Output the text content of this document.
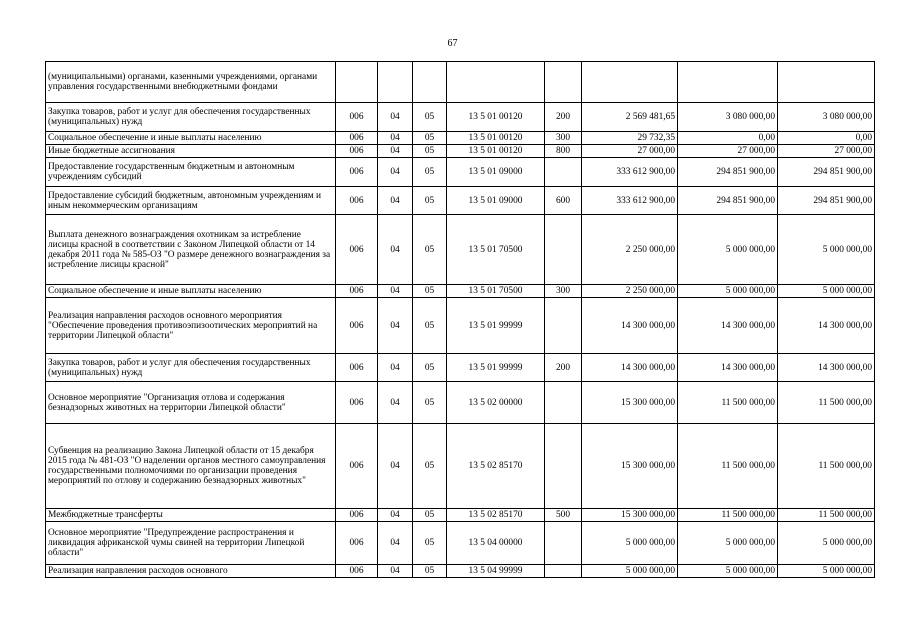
67
(муниципальными) органами, казенными учреждениями, органами управления государственными внебюджетными фондами								
Закупка товаров, работ и услуг для обеспечения государственных (муниципальных) нужд	006	04	05	13 5 01 00120	200	2 569 481,65	3 080 000,00	3 080 000,00
Социальное обеспечение и иные выплаты населению	006	04	05	13 5 01 00120	300	29 732,35	0,00	0,00
Иные бюджетные ассигнования	006	04	05	13 5 01 00120	800	27 000,00	27 000,00	27 000,00
Предоставление государственным бюджетным и автономным учреждениям субсидий	006	04	05	13 5 01 09000		333 612 900,00	294 851 900,00	294 851 900,00
Предоставление субсидий бюджетным, автономным учреждениям и иным некоммерческим организациям	006	04	05	13 5 01 09000	600	333 612 900,00	294 851 900,00	294 851 900,00
Выплата денежного вознаграждения охотникам за истребление лисицы красной в соответствии с Законом Липецкой области от 14 декабря 2011 года № 585-ОЗ "О размере денежного вознаграждения за истребление лисицы красной"	006	04	05	13 5 01 70500		2 250 000,00	5 000 000,00	5 000 000,00
Социальное обеспечение и иные выплаты населению	006	04	05	13 5 01 70500	300	2 250 000,00	5 000 000,00	5 000 000,00
Реализация направления расходов основного мероприятия "Обеспечение проведения противоэпизоотических мероприятий на территории Липецкой области"	006	04	05	13 5 01 99999		14 300 000,00	14 300 000,00	14 300 000,00
Закупка товаров, работ и услуг для обеспечения государственных (муниципальных) нужд	006	04	05	13 5 01 99999	200	14 300 000,00	14 300 000,00	14 300 000,00
Основное мероприятие "Организация отлова и содержания безнадзорных животных на территории Липецкой области"	006	04	05	13 5 02 00000		15 300 000,00	11 500 000,00	11 500 000,00
Субвенция на реализацию Закона Липецкой области от 15 декабря 2015 года № 481-ОЗ "О наделении органов местного самоуправления государственными полномочиями по организации проведения мероприятий по отлову и содержанию безнадзорных животных"	006	04	05	13 5 02 85170		15 300 000,00	11 500 000,00	11 500 000,00
Межбюджетные трансферты	006	04	05	13 5 02 85170	500	15 300 000,00	11 500 000,00	11 500 000,00
Основное мероприятие "Предупреждение распространения и ликвидация африканской чумы свиней на территории Липецкой области"	006	04	05	13 5 04 00000		5 000 000,00	5 000 000,00	5 000 000,00
Реализация направления расходов основного	006	04	05	13 5 04 99999		5 000 000,00	5 000 000,00	5 000 000,00
